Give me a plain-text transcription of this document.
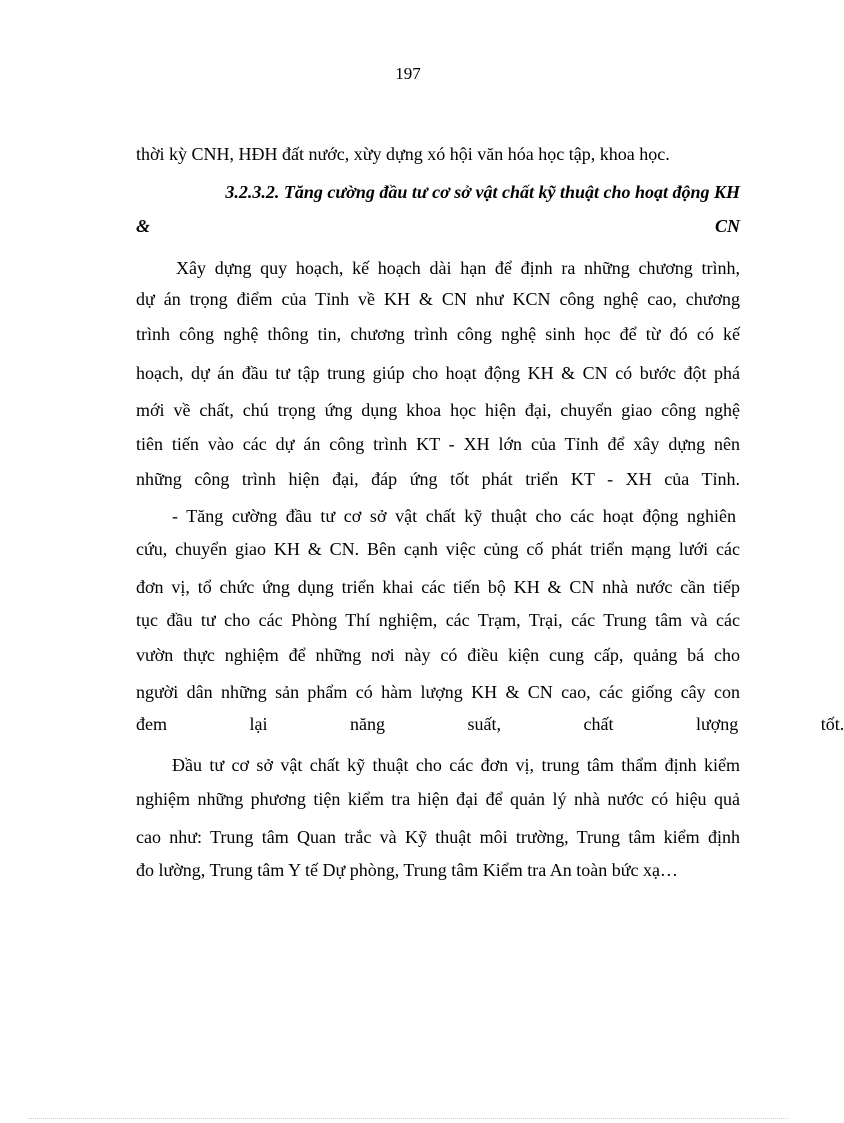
197
thời kỳ CNH, HĐH đất nước, xừy dựng xó hội văn hóa học tập, khoa học.
3.2.3.2. Tăng cường đầu tư cơ sở vật chất kỹ thuật cho hoạt động KH
&	CN
Xây dựng quy hoạch, kế hoạch dài hạn để định ra những chương trình,
dự án trọng điểm của Tỉnh về KH & CN như KCN công nghệ cao, chương
trình công nghệ thông tin, chương trình công nghệ sinh học để từ đó có kế
hoạch, dự án đầu tư tập trung giúp cho hoạt động KH & CN có bước đột phá
mới về chất, chú trọng ứng dụng khoa học hiện đại, chuyển giao công nghệ
tiên tiến vào các dự án công trình KT - XH lớn của Tỉnh để xây dựng nên
những công trình hiện đại, đáp ứng tốt phát triển KT - XH của Tỉnh.
- Tăng cường đầu tư cơ sở vật chất kỹ thuật cho các hoạt động nghiên
cứu, chuyển giao KH & CN. Bên cạnh việc củng cố phát triển mạng lưới các
đơn vị, tổ chức ứng dụng triển khai các tiến bộ KH & CN nhà nước cần tiếp
tục đầu tư cho các Phòng Thí nghiệm, các Trạm, Trại, các Trung tâm và các
vườn thực nghiệm để những nơi này có điều kiện cung cấp, quảng bá cho
người dân những sản phẩm có hàm lượng KH & CN cao, các giống cây con
đem lại năng suất, chất lượng tốt.
Đầu tư cơ sở vật chất kỹ thuật cho các đơn vị, trung tâm thẩm định kiểm
nghiệm những phương tiện kiểm tra hiện đại để quản lý nhà nước có hiệu quả
cao như: Trung tâm Quan trắc và Kỹ thuật môi trường, Trung tâm kiểm định
đo lường, Trung tâm Y tế Dự phòng, Trung tâm Kiểm tra An toàn bức xạ…
